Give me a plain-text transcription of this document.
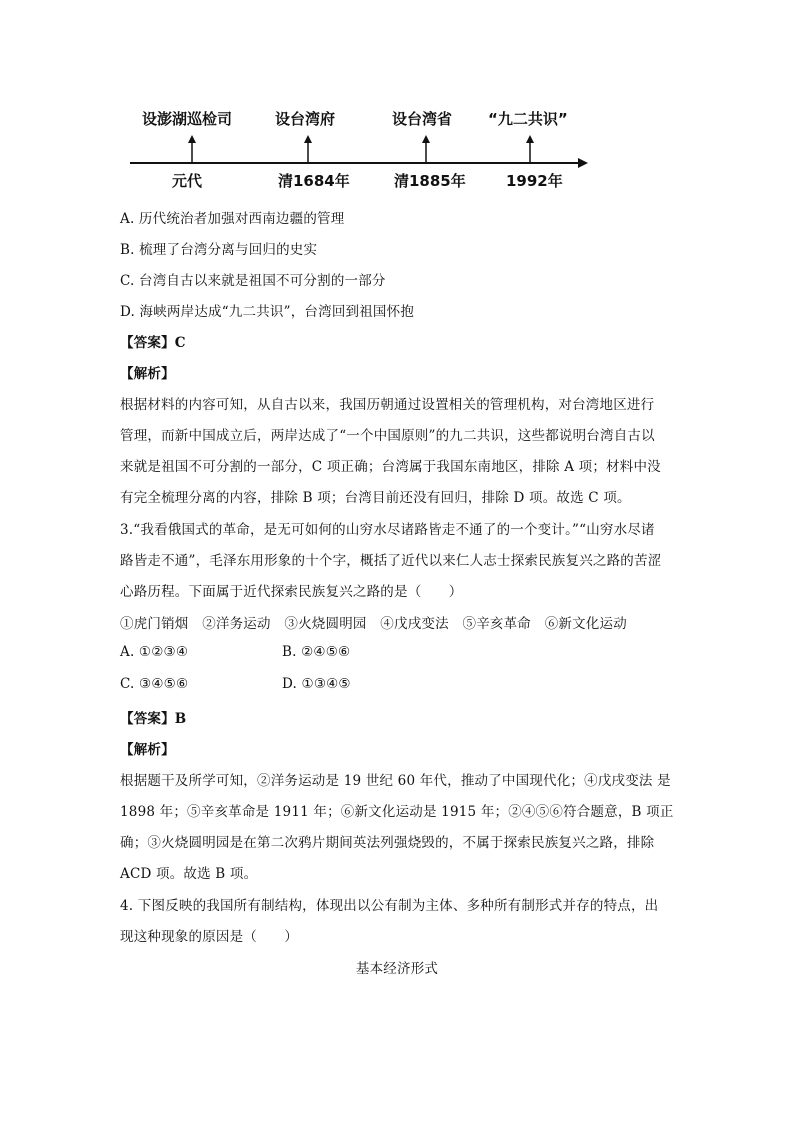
设澎湖巡检司	设台湾府	设台湾省 “九二共识”
元代	清1684年	清1885年	1992年
A. 历代统治者加强对西南边疆的管理
B. 梳理了台湾分离与回归的史实
C. 台湾自古以来就是祖国不可分割的一部分
D. 海峡两岸达成“九二共识”，台湾回到祖国怀抱
【答案】C
【解析】
根据材料的内容可知，从自古以来，我国历朝通过设置相关的管理机构，对台湾地区进行
管理，而新中国成立后，两岸达成了“一个中国原则”的九二共识，这些都说明台湾自古以
来就是祖国不可分割的一部分，C 项正确；台湾属于我国东南地区，排除 A 项；材料中没
有完全梳理分离的内容，排除 B 项；台湾目前还没有回归，排除 D 项。故选 C 项。
3.“我看俄国式的革命，是无可如何的山穷水尽诸路皆走不通了的一个变计。”“山穷水尽诸
路皆走不通”，毛泽东用形象的十个字，概括了近代以来仁人志士探索民族复兴之路的苦涩
心路历程。下面属于近代探索民族复兴之路的是（　　）
①虎门销烟　②洋务运动　③火烧圆明园　④戊戌变法　⑤辛亥革命　⑥新文化运动
A. ①②③④	B. ②④⑤⑥
C. ③④⑤⑥	D. ①③④⑤
【答案】B
【解析】
根据题干及所学可知，②洋务运动是 19 世纪 60 年代，推动了中国现代化；④戊戌变法 是
1898 年；⑤辛亥革命是 1911 年；⑥新文化运动是 1915 年；②④⑤⑥符合题意，B 项正
确；③火烧圆明园是在第二次鸦片期间英法列强烧毁的，不属于探索民族复兴之路，排除
ACD 项。故选 B 项。
4. 下图反映的我国所有制结构，体现出以公有制为主体、多种所有制形式并存的特点，出
现这种现象的原因是（　　）
基本经济形式
